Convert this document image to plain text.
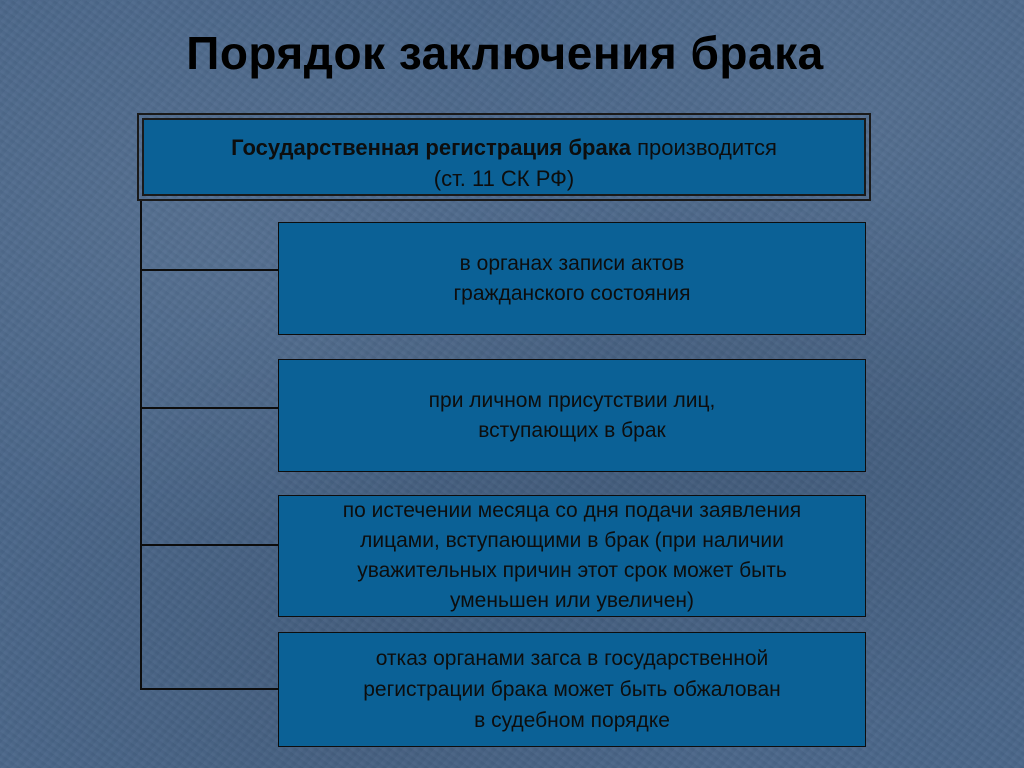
Порядок заключения брака
Государственная регистрация брака производится
(ст. 11 СК РФ)
в органах записи актов
гражданского состояния
при личном присутствии лиц,
вступающих в брак
по истечении месяца со дня подачи заявления
лицами, вступающими в брак (при наличии
уважительных причин этот срок может быть
уменьшен или увеличен)
отказ органами загса в государственной
регистрации брака может быть обжалован
в судебном порядке
